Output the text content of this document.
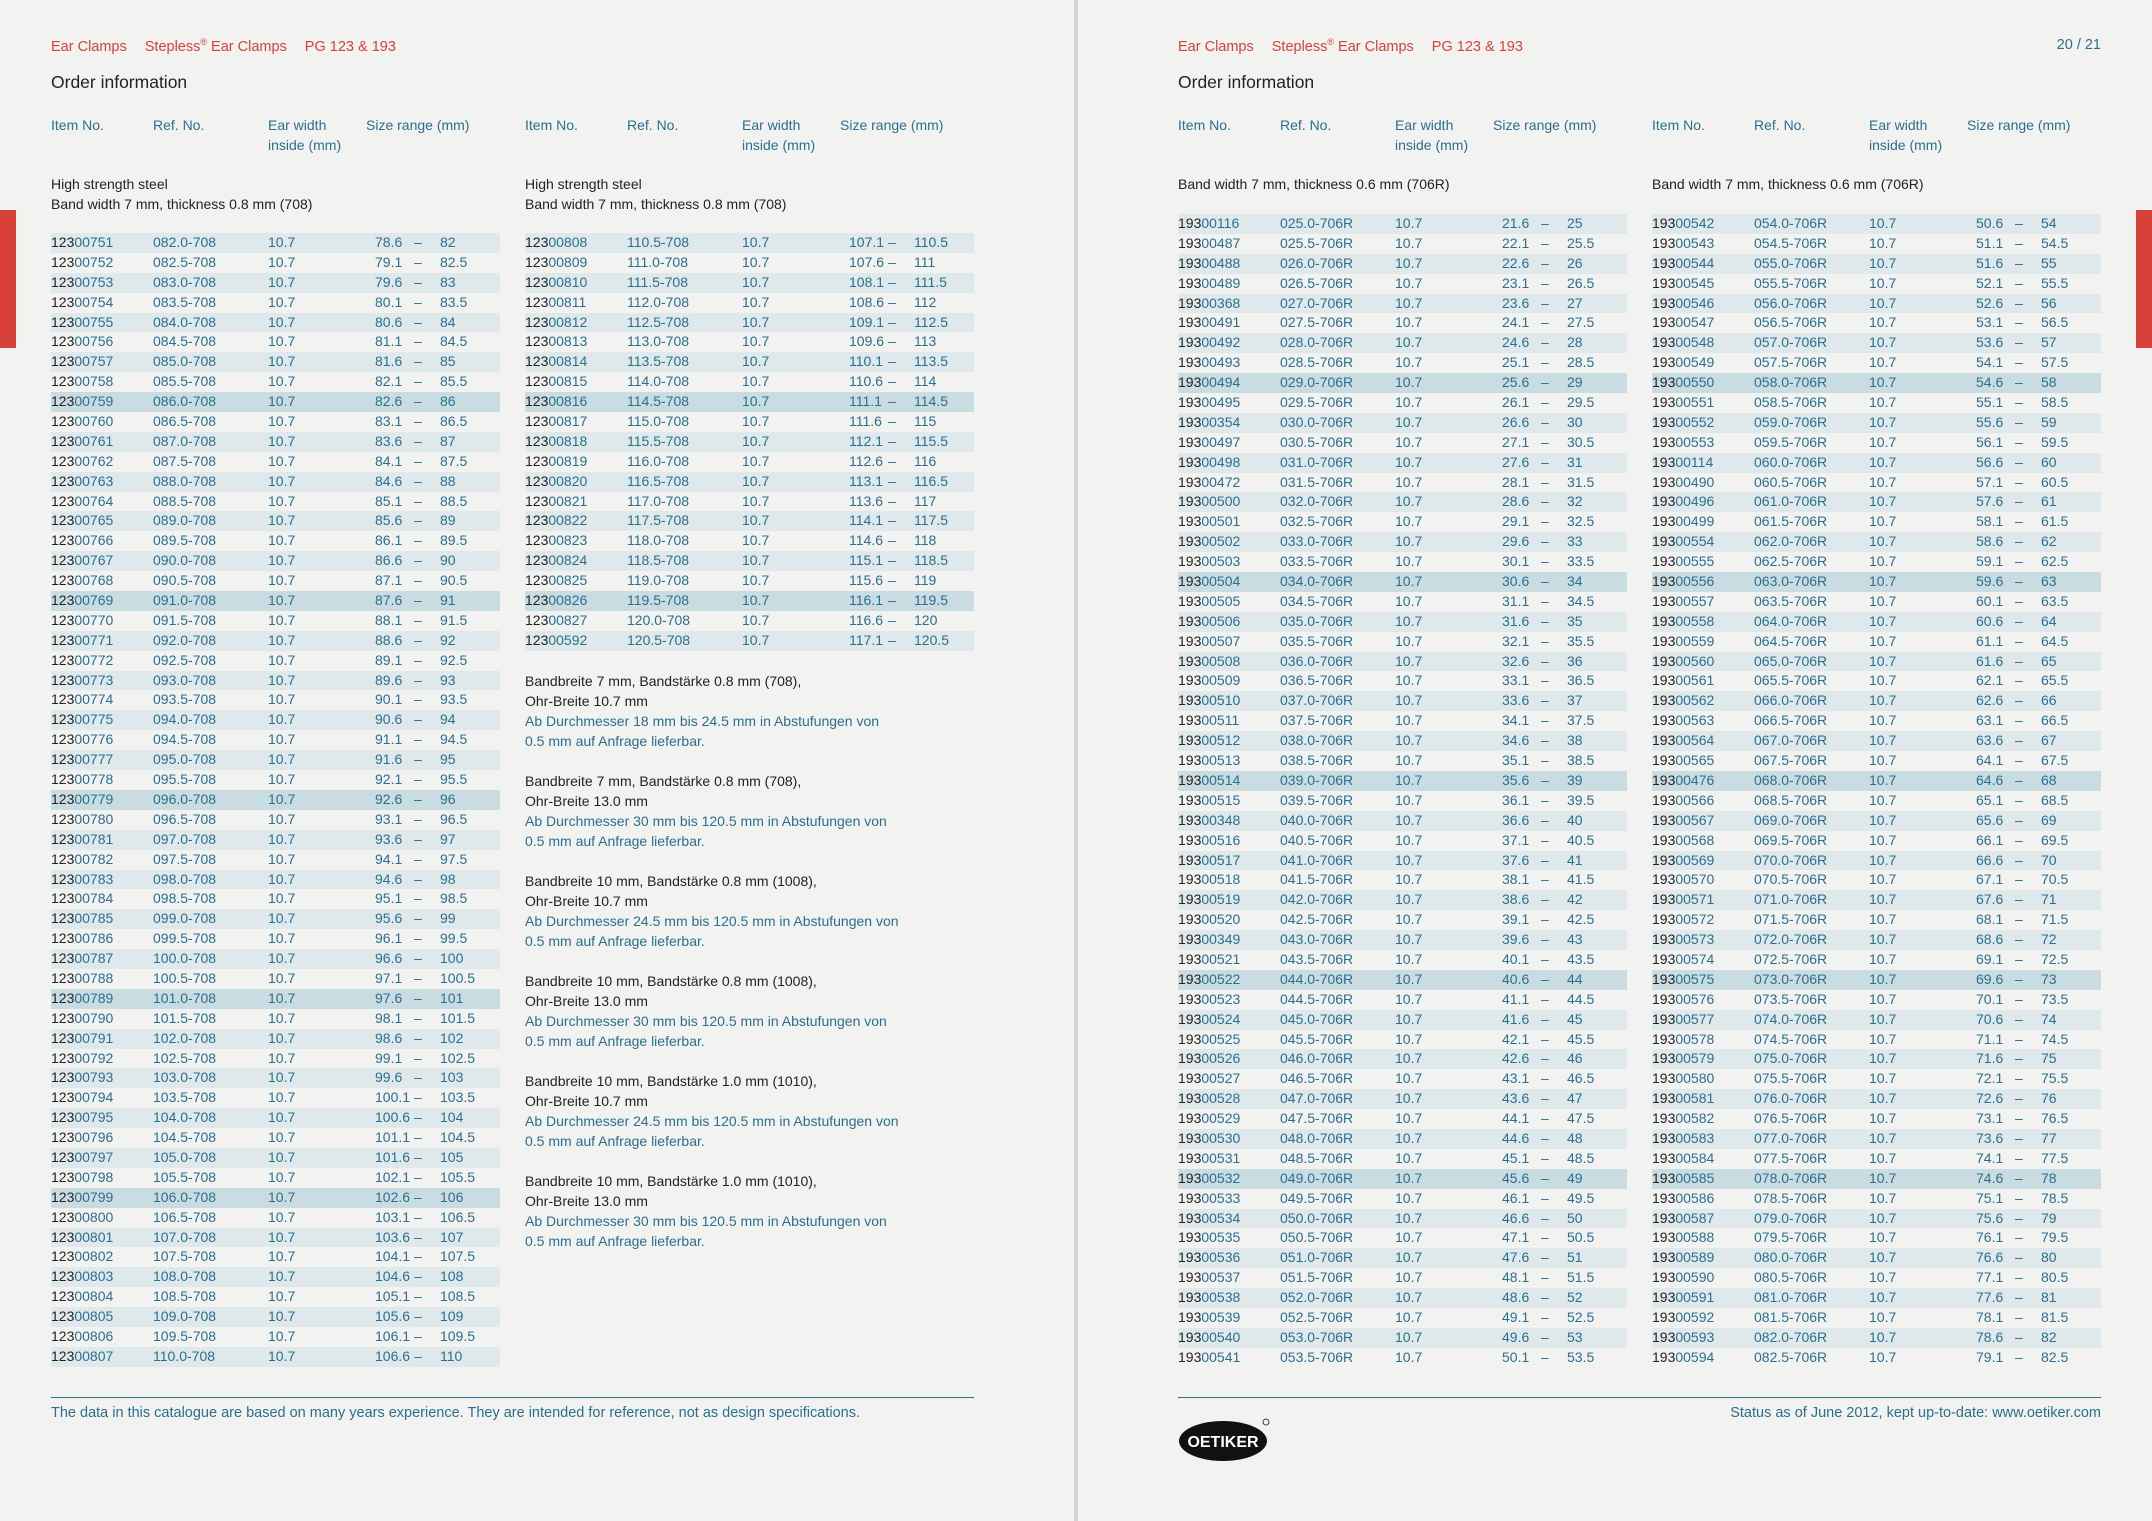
Ear Clamps Stepless® Ear Clamps PG 123 & 193
Order information
Item No.	Ref. No.	Ear width
inside (mm)
Size range (mm)
High strength steel
Band width 7 mm, thickness 0.8 mm (708)
12300751	082.0-708	10.7	78.6 – 82
12300752	082.5-708	10.7	79.1 – 82.5
12300753	083.0-708	10.7	79.6 – 83
12300754	083.5-708	10.7	80.1 – 83.5
12300755	084.0-708	10.7	80.6 – 84
12300756	084.5-708	10.7	81.1 – 84.5
12300757	085.0-708	10.7	81.6 – 85
12300758	085.5-708	10.7	82.1 – 85.5
12300759	086.0-708	10.7	82.6 – 86
12300760	086.5-708	10.7	83.1 – 86.5
12300761	087.0-708	10.7	83.6 – 87
12300762	087.5-708	10.7	84.1 – 87.5
12300763	088.0-708	10.7	84.6 – 88
12300764	088.5-708	10.7	85.1 – 88.5
12300765	089.0-708	10.7	85.6 – 89
12300766	089.5-708	10.7	86.1 – 89.5
12300767	090.0-708	10.7	86.6 – 90
12300768	090.5-708	10.7	87.1 – 90.5
12300769	091.0-708	10.7	87.6 – 91
12300770	091.5-708	10.7	88.1 – 91.5
12300771	092.0-708	10.7	88.6 – 92
12300772	092.5-708	10.7	89.1 – 92.5
12300773	093.0-708	10.7	89.6 – 93
12300774	093.5-708	10.7	90.1 – 93.5
12300775	094.0-708	10.7	90.6 – 94
12300776	094.5-708	10.7	91.1 – 94.5
12300777	095.0-708	10.7	91.6 – 95
12300778	095.5-708	10.7	92.1 – 95.5
12300779	096.0-708	10.7	92.6 – 96
12300780	096.5-708	10.7	93.1 – 96.5
12300781	097.0-708	10.7	93.6 – 97
12300782	097.5-708	10.7	94.1 – 97.5
12300783	098.0-708	10.7	94.6 – 98
12300784	098.5-708	10.7	95.1 – 98.5
12300785	099.0-708	10.7	95.6 – 99
12300786	099.5-708	10.7	96.1 – 99.5
12300787	100.0-708	10.7	96.6 – 100
12300788	100.5-708	10.7	97.1 – 100.5
12300789	101.0-708	10.7	97.6 – 101
12300790	101.5-708	10.7	98.1 – 101.5
12300791	102.0-708	10.7	98.6 – 102
12300792	102.5-708	10.7	99.1 – 102.5
12300793	103.0-708	10.7	99.6 – 103
12300794	103.5-708	10.7	100.1 – 103.5
12300795	104.0-708	10.7	100.6 – 104
12300796	104.5-708	10.7	101.1 – 104.5
12300797	105.0-708	10.7	101.6 – 105
12300798	105.5-708	10.7	102.1 – 105.5
12300799	106.0-708	10.7	102.6 – 106
12300800	106.5-708	10.7	103.1 – 106.5
12300801	107.0-708	10.7	103.6 – 107
12300802	107.5-708	10.7	104.1 – 107.5
12300803	108.0-708	10.7	104.6 – 108
12300804	108.5-708	10.7	105.1 – 108.5
12300805	109.0-708	10.7	105.6 – 109
12300806	109.5-708	10.7	106.1 – 109.5
12300807	110.0-708	10.7	106.6 – 110
Item No.	Ref. No.	Ear width
inside (mm)
Size range (mm)
High strength steel
Band width 7 mm, thickness 0.8 mm (708)
12300808	110.5-708	10.7	107.1 – 110.5
12300809	111.0-708	10.7	107.6 – 111
12300810	111.5-708	10.7	108.1 – 111.5
12300811	112.0-708	10.7	108.6 – 112
12300812	112.5-708	10.7	109.1 – 112.5
12300813	113.0-708	10.7	109.6 – 113
12300814	113.5-708	10.7	110.1 – 113.5
12300815	114.0-708	10.7	110.6 – 114
12300816	114.5-708	10.7	111.1 – 114.5
12300817	115.0-708	10.7	111.6 – 115
12300818	115.5-708	10.7	112.1 – 115.5
12300819	116.0-708	10.7	112.6 – 116
12300820	116.5-708	10.7	113.1 – 116.5
12300821	117.0-708	10.7	113.6 – 117
12300822	117.5-708	10.7	114.1 – 117.5
12300823	118.0-708	10.7	114.6 – 118
12300824	118.5-708	10.7	115.1 – 118.5
12300825	119.0-708	10.7	115.6 – 119
12300826	119.5-708	10.7	116.1 – 119.5
12300827	120.0-708	10.7	116.6 – 120
12300592	120.5-708	10.7	117.1 – 120.5
Bandbreite 7 mm, Bandstärke 0.8 mm (708),
Ohr-Breite 10.7 mm
Ab Durchmesser 18 mm bis 24.5 mm in Abstufungen von
0.5 mm auf Anfrage lieferbar.
Bandbreite 7 mm, Bandstärke 0.8 mm (708),
Ohr-Breite 13.0 mm
Ab Durchmesser 30 mm bis 120.5 mm in Abstufungen von
0.5 mm auf Anfrage lieferbar.
Bandbreite 10 mm, Bandstärke 0.8 mm (1008),
Ohr-Breite 10.7 mm
Ab Durchmesser 24.5 mm bis 120.5 mm in Abstufungen von
0.5 mm auf Anfrage lieferbar.
Bandbreite 10 mm, Bandstärke 0.8 mm (1008),
Ohr-Breite 13.0 mm
Ab Durchmesser 30 mm bis 120.5 mm in Abstufungen von
0.5 mm auf Anfrage lieferbar.
Bandbreite 10 mm, Bandstärke 1.0 mm (1010),
Ohr-Breite 10.7 mm
Ab Durchmesser 24.5 mm bis 120.5 mm in Abstufungen von
0.5 mm auf Anfrage lieferbar.
Bandbreite 10 mm, Bandstärke 1.0 mm (1010),
Ohr-Breite 13.0 mm
Ab Durchmesser 30 mm bis 120.5 mm in Abstufungen von
0.5 mm auf Anfrage lieferbar.
The data in this catalogue are based on many years experience. They are intended for reference, not as design specifications.
Ear Clamps Stepless® Ear Clamps PG 123 & 193	20 / 21
Order information
Item No.	Ref. No.	Ear width
inside (mm)
Size range (mm)
Band width 7 mm, thickness 0.6 mm (706R)
19300116	025.0-706R	10.7	21.6 – 25
19300487	025.5-706R	10.7	22.1 – 25.5
19300488	026.0-706R	10.7	22.6 – 26
19300489	026.5-706R	10.7	23.1 – 26.5
19300368	027.0-706R	10.7	23.6 – 27
19300491	027.5-706R	10.7	24.1 – 27.5
19300492	028.0-706R	10.7	24.6 – 28
19300493	028.5-706R	10.7	25.1 – 28.5
19300494	029.0-706R	10.7	25.6 – 29
19300495	029.5-706R	10.7	26.1 – 29.5
19300354	030.0-706R	10.7	26.6 – 30
19300497	030.5-706R	10.7	27.1 – 30.5
19300498	031.0-706R	10.7	27.6 – 31
19300472	031.5-706R	10.7	28.1 – 31.5
19300500	032.0-706R	10.7	28.6 – 32
19300501	032.5-706R	10.7	29.1 – 32.5
19300502	033.0-706R	10.7	29.6 – 33
19300503	033.5-706R	10.7	30.1 – 33.5
19300504	034.0-706R	10.7	30.6 – 34
19300505	034.5-706R	10.7	31.1 – 34.5
19300506	035.0-706R	10.7	31.6 – 35
19300507	035.5-706R	10.7	32.1 – 35.5
19300508	036.0-706R	10.7	32.6 – 36
19300509	036.5-706R	10.7	33.1 – 36.5
19300510	037.0-706R	10.7	33.6 – 37
19300511	037.5-706R	10.7	34.1 – 37.5
19300512	038.0-706R	10.7	34.6 – 38
19300513	038.5-706R	10.7	35.1 – 38.5
19300514	039.0-706R	10.7	35.6 – 39
19300515	039.5-706R	10.7	36.1 – 39.5
19300348	040.0-706R	10.7	36.6 – 40
19300516	040.5-706R	10.7	37.1 – 40.5
19300517	041.0-706R	10.7	37.6 – 41
19300518	041.5-706R	10.7	38.1 – 41.5
19300519	042.0-706R	10.7	38.6 – 42
19300520	042.5-706R	10.7	39.1 – 42.5
19300349	043.0-706R	10.7	39.6 – 43
19300521	043.5-706R	10.7	40.1 – 43.5
19300522	044.0-706R	10.7	40.6 – 44
19300523	044.5-706R	10.7	41.1 – 44.5
19300524	045.0-706R	10.7	41.6 – 45
19300525	045.5-706R	10.7	42.1 – 45.5
19300526	046.0-706R	10.7	42.6 – 46
19300527	046.5-706R	10.7	43.1 – 46.5
19300528	047.0-706R	10.7	43.6 – 47
19300529	047.5-706R	10.7	44.1 – 47.5
19300530	048.0-706R	10.7	44.6 – 48
19300531	048.5-706R	10.7	45.1 – 48.5
19300532	049.0-706R	10.7	45.6 – 49
19300533	049.5-706R	10.7	46.1 – 49.5
19300534	050.0-706R	10.7	46.6 – 50
19300535	050.5-706R	10.7	47.1 – 50.5
19300536	051.0-706R	10.7	47.6 – 51
19300537	051.5-706R	10.7	48.1 – 51.5
19300538	052.0-706R	10.7	48.6 – 52
19300539	052.5-706R	10.7	49.1 – 52.5
19300540	053.0-706R	10.7	49.6 – 53
19300541	053.5-706R	10.7	50.1 – 53.5
Item No.	Ref. No.	Ear width
inside (mm)
Size range (mm)
Band width 7 mm, thickness 0.6 mm (706R)
19300542	054.0-706R	10.7	50.6 – 54
19300543	054.5-706R	10.7	51.1 – 54.5
19300544	055.0-706R	10.7	51.6 – 55
19300545	055.5-706R	10.7	52.1 – 55.5
19300546	056.0-706R	10.7	52.6 – 56
19300547	056.5-706R	10.7	53.1 – 56.5
19300548	057.0-706R	10.7	53.6 – 57
19300549	057.5-706R	10.7	54.1 – 57.5
19300550	058.0-706R	10.7	54.6 – 58
19300551	058.5-706R	10.7	55.1 – 58.5
19300552	059.0-706R	10.7	55.6 – 59
19300553	059.5-706R	10.7	56.1 – 59.5
19300114	060.0-706R	10.7	56.6 – 60
19300490	060.5-706R	10.7	57.1 – 60.5
19300496	061.0-706R	10.7	57.6 – 61
19300499	061.5-706R	10.7	58.1 – 61.5
19300554	062.0-706R	10.7	58.6 – 62
19300555	062.5-706R	10.7	59.1 – 62.5
19300556	063.0-706R	10.7	59.6 – 63
19300557	063.5-706R	10.7	60.1 – 63.5
19300558	064.0-706R	10.7	60.6 – 64
19300559	064.5-706R	10.7	61.1 – 64.5
19300560	065.0-706R	10.7	61.6 – 65
19300561	065.5-706R	10.7	62.1 – 65.5
19300562	066.0-706R	10.7	62.6 – 66
19300563	066.5-706R	10.7	63.1 – 66.5
19300564	067.0-706R	10.7	63.6 – 67
19300565	067.5-706R	10.7	64.1 – 67.5
19300476	068.0-706R	10.7	64.6 – 68
19300566	068.5-706R	10.7	65.1 – 68.5
19300567	069.0-706R	10.7	65.6 – 69
19300568	069.5-706R	10.7	66.1 – 69.5
19300569	070.0-706R	10.7	66.6 – 70
19300570	070.5-706R	10.7	67.1 – 70.5
19300571	071.0-706R	10.7	67.6 – 71
19300572	071.5-706R	10.7	68.1 – 71.5
19300573	072.0-706R	10.7	68.6 – 72
19300574	072.5-706R	10.7	69.1 – 72.5
19300575	073.0-706R	10.7	69.6 – 73
19300576	073.5-706R	10.7	70.1 – 73.5
19300577	074.0-706R	10.7	70.6 – 74
19300578	074.5-706R	10.7	71.1 – 74.5
19300579	075.0-706R	10.7	71.6 – 75
19300580	075.5-706R	10.7	72.1 – 75.5
19300581	076.0-706R	10.7	72.6 – 76
19300582	076.5-706R	10.7	73.1 – 76.5
19300583	077.0-706R	10.7	73.6 – 77
19300584	077.5-706R	10.7	74.1 – 77.5
19300585	078.0-706R	10.7	74.6 – 78
19300586	078.5-706R	10.7	75.1 – 78.5
19300587	079.0-706R	10.7	75.6 – 79
19300588	079.5-706R	10.7	76.1 – 79.5
19300589	080.0-706R	10.7	76.6 – 80
19300590	080.5-706R	10.7	77.1 – 80.5
19300591	081.0-706R	10.7	77.6 – 81
19300592	081.5-706R	10.7	78.1 – 81.5
19300593	082.0-706R	10.7	78.6 – 82
19300594	082.5-706R	10.7	79.1 – 82.5
OETIKER
Status as of June 2012, kept up-to-date: www.oetiker.com
